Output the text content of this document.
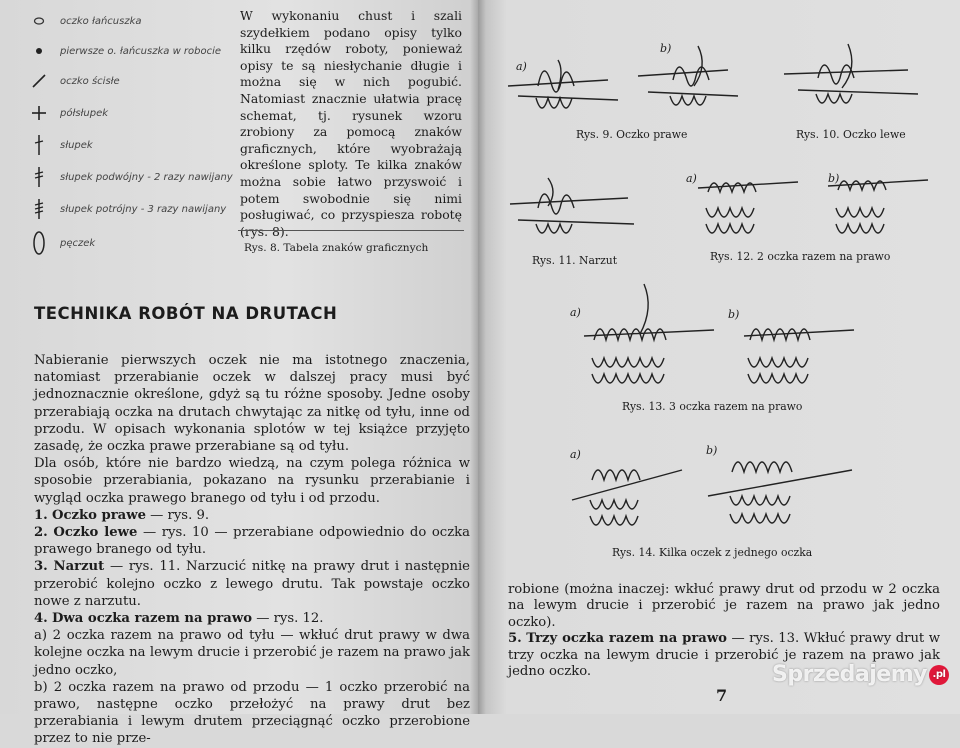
oczko łańcuszka
pierwsze o. łańcuszka w robocie
oczko ścisłe
półsłupek
słupek
słupek podwójny - 2 razy nawijany
słupek potrójny - 3 razy nawijany
pęczek
W wykonaniu chust i szali szydełkiem podano opisy tylko kilku rzędów roboty, ponieważ opisy te są niesłychanie długie i można się w nich pogubić. Natomiast znacznie ułatwia pracę schemat, tj. rysunek wzoru zrobiony za pomocą znaków graficznych, które wyobrażają określone sploty. Te kilka znaków można sobie łatwo przyswoić i potem swobodnie się nimi posługiwać, co przyspiesza robotę (rys. 8).
Rys. 8. Tabela znaków graficznych
TECHNIKA ROBÓT NA DRUTACH

Nabieranie pierwszych oczek nie ma istotnego znaczenia, natomiast przerabianie oczek w dalszej pracy musi być jednoznacznie określone, gdyż są tu różne sposoby. Jedne osoby przerabiają oczka na drutach chwytając za nitkę od tyłu, inne od przodu. W opisach wykonania splotów w tej książce przyjęto zasadę, że oczka prawe przerabiane są od tyłu.

Dla osób, które nie bardzo wiedzą, na czym polega różnica w sposobie przerabiania, pokazano na rysunku przerabianie i wygląd oczka prawego branego od tyłu i od przodu.

1. Oczko prawe — rys. 9.

2. Oczko lewe — rys. 10 — przerabiane odpowiednio do oczka prawego branego od tyłu.

3. Narzut — rys. 11. Narzucić nitkę na prawy drut i następnie przerobić kolejno oczko z lewego drutu. Tak powstaje oczko nowe z narzutu.

4. Dwa oczka razem na prawo — rys. 12.

a) 2 oczka razem na prawo od tyłu — wkłuć drut prawy w dwa kolejne oczka na lewym drucie i przerobić je razem na prawo jak jedno oczko,

b) 2 oczka razem na prawo od przodu — 1 oczko przerobić na prawo, następne oczko przełożyć na prawy drut bez przerabiania i lewym drutem przeciągnąć oczko przerobione przez to nie prze-

a)
b)
Rys. 9. Oczko prawe	Rys. 10. Oczko lewe
a)	b)
Rys. 11. Narzut	Rys. 12. 2 oczka razem na prawo
a)	b)
Rys. 13. 3 oczka razem na prawo
a)	b)
Rys. 14. Kilka oczek z jednego oczka

robione (można inaczej: wkłuć prawy drut od przodu w 2 oczka na lewym drucie i przerobić je razem na prawo jak jedno oczko).

5. Trzy oczka razem na prawo — rys. 13. Wkłuć prawy drut w trzy oczka na lewym drucie i przerobić je razem na prawo jak jedno oczko.

7
Sprzedajemy .pl
